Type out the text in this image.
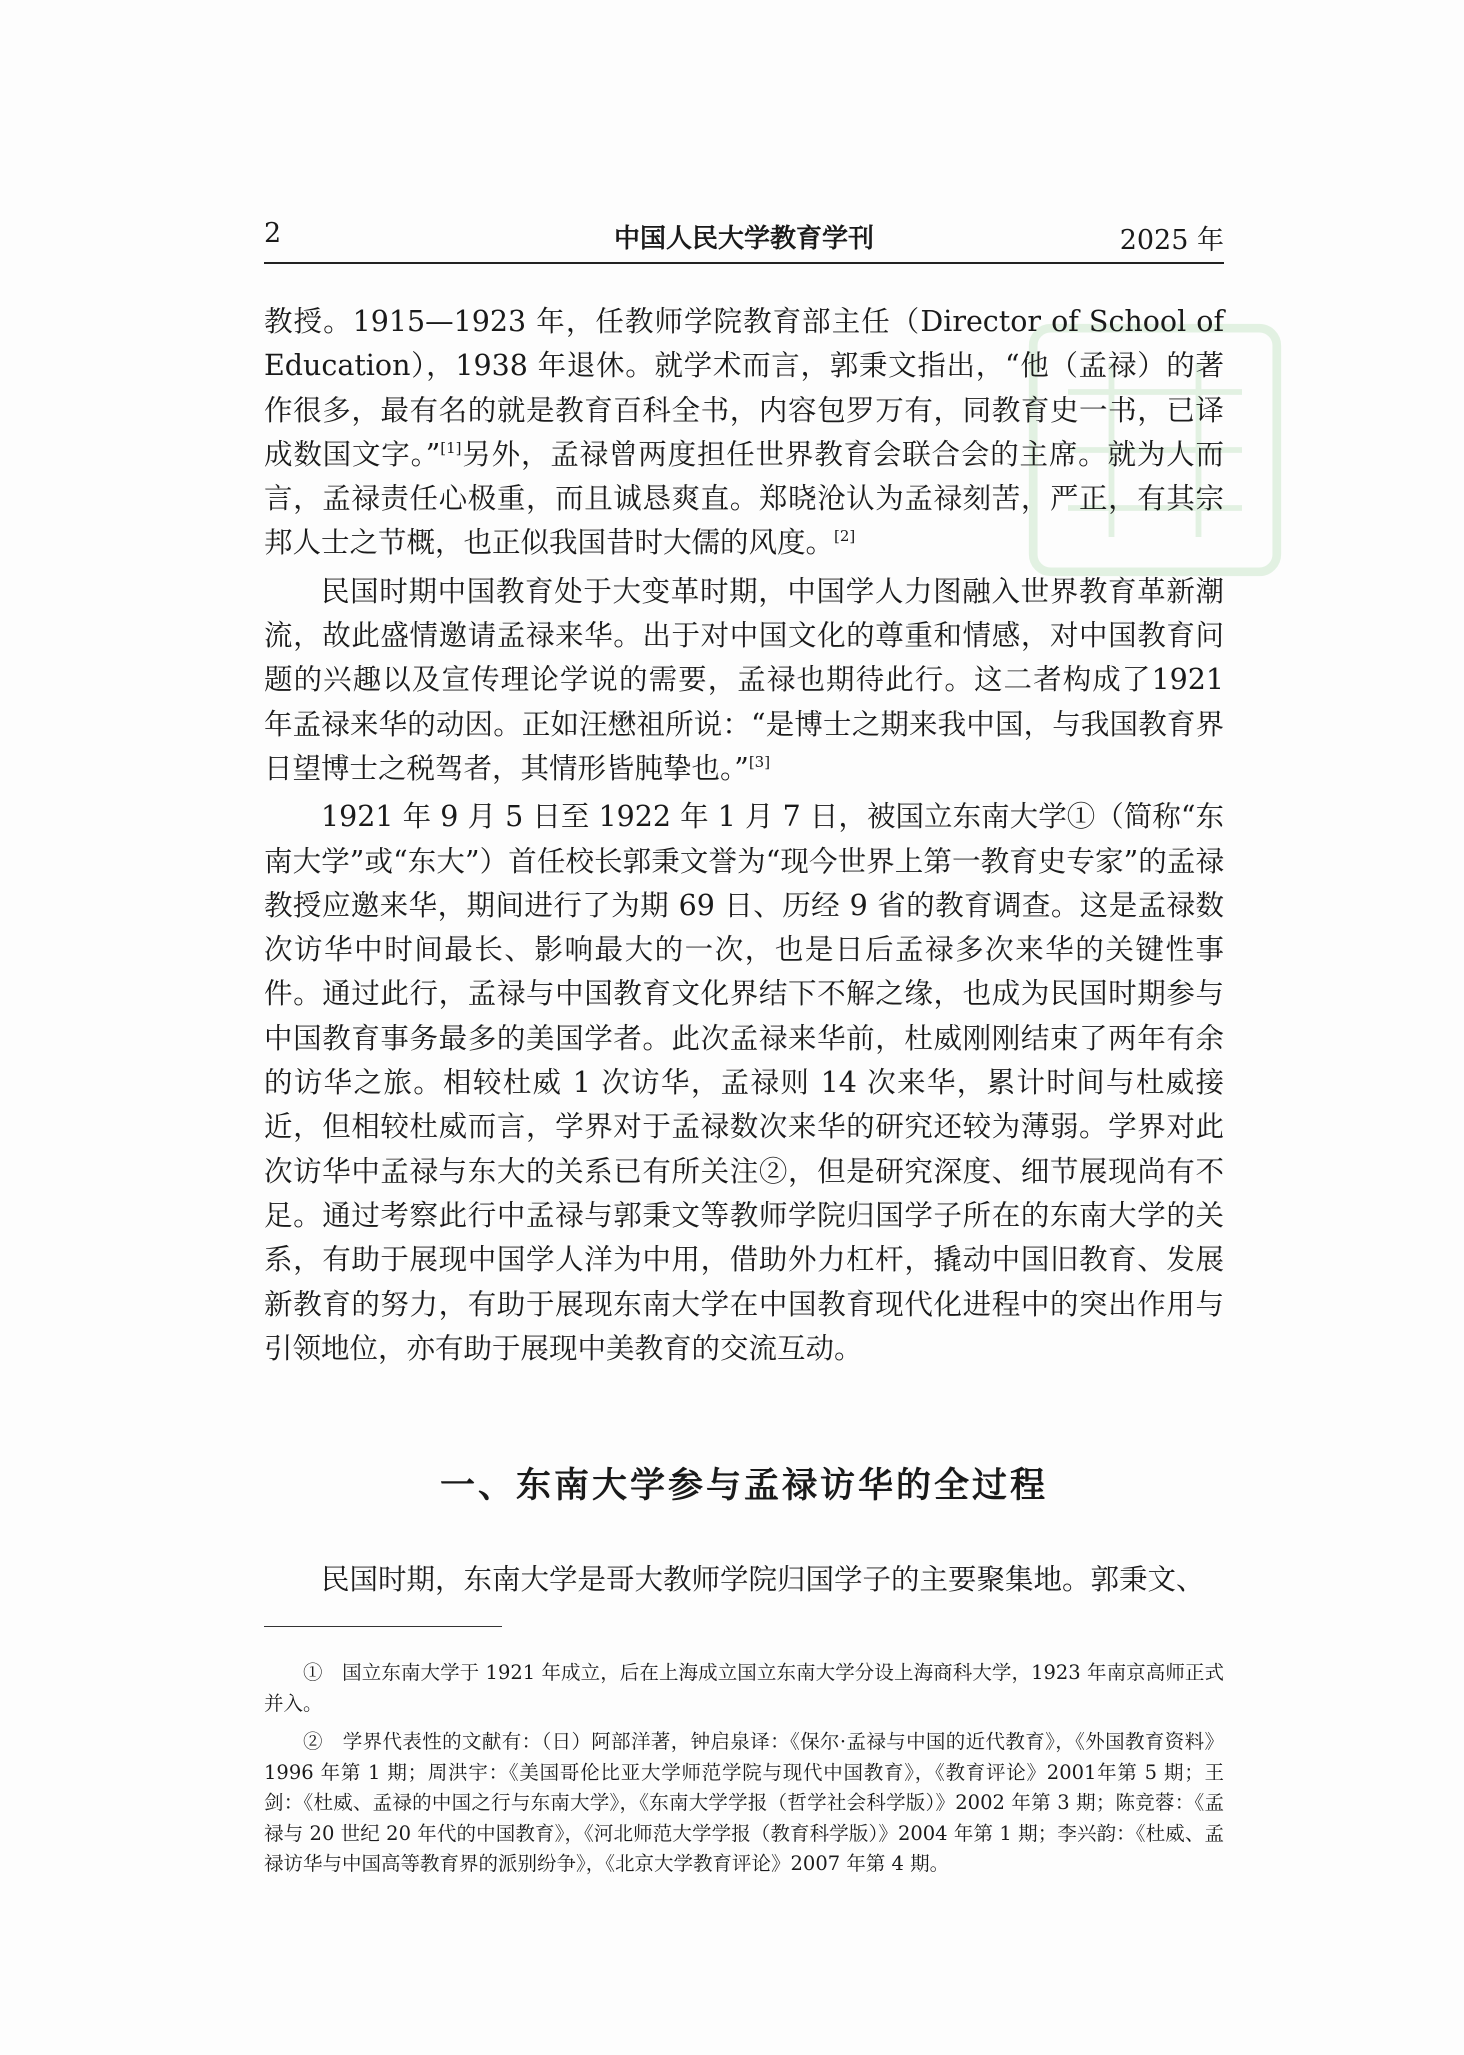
2	中国人民大学教育学刊	2025 年

教授。1915—1923 年，任教师学院教育部主任（Director of School of Education），1938 年退休。就学术而言，郭秉文指出，“他（孟禄）的著作很多，最有名的就是教育百科全书，内容包罗万有，同教育史一书，已译成数国文字。”[1]另外，孟禄曾两度担任世界教育会联合会的主席。就为人而言，孟禄责任心极重，而且诚恳爽直。郑晓沧认为孟禄刻苦，严正，有其宗邦人士之节概，也正似我国昔时大儒的风度。[2]

民国时期中国教育处于大变革时期，中国学人力图融入世界教育革新潮流，故此盛情邀请孟禄来华。出于对中国文化的尊重和情感，对中国教育问题的兴趣以及宣传理论学说的需要，孟禄也期待此行。这二者构成了1921 年孟禄来华的动因。正如汪懋祖所说：“是博士之期来我中国，与我国教育界日望博士之税驾者，其情形皆肫挚也。”[3]

1921 年 9 月 5 日至 1922 年 1 月 7 日，被国立东南大学①（简称“东南大学”或“东大”）首任校长郭秉文誉为“现今世界上第一教育史专家”的孟禄教授应邀来华，期间进行了为期 69 日、历经 9 省的教育调查。这是孟禄数次访华中时间最长、影响最大的一次，也是日后孟禄多次来华的关键性事件。通过此行，孟禄与中国教育文化界结下不解之缘，也成为民国时期参与中国教育事务最多的美国学者。此次孟禄来华前，杜威刚刚结束了两年有余的访华之旅。相较杜威 1 次访华，孟禄则 14 次来华，累计时间与杜威接近，但相较杜威而言，学界对于孟禄数次来华的研究还较为薄弱。学界对此次访华中孟禄与东大的关系已有所关注②，但是研究深度、细节展现尚有不足。通过考察此行中孟禄与郭秉文等教师学院归国学子所在的东南大学的关系，有助于展现中国学人洋为中用，借助外力杠杆，撬动中国旧教育、发展新教育的努力，有助于展现东南大学在中国教育现代化进程中的突出作用与引领地位，亦有助于展现中美教育的交流互动。

一、东南大学参与孟禄访华的全过程
民国时期，东南大学是哥大教师学院归国学子的主要聚集地。郭秉文、

①　国立东南大学于 1921 年成立，后在上海成立国立东南大学分设上海商科大学，1923 年南京高师正式并入。

②　学界代表性的文献有：（日）阿部洋著，钟启泉译：《保尔·孟禄与中国的近代教育》，《外国教育资料》1996 年第 1 期；周洪宇：《美国哥伦比亚大学师范学院与现代中国教育》，《教育评论》2001年第 5 期；王剑：《杜威、孟禄的中国之行与东南大学》，《东南大学学报（哲学社会科学版）》2002 年第 3 期；陈竞蓉：《孟禄与 20 世纪 20 年代的中国教育》，《河北师范大学学报（教育科学版）》2004 年第 1 期；李兴韵：《杜威、孟禄访华与中国高等教育界的派别纷争》，《北京大学教育评论》2007 年第 4 期。
